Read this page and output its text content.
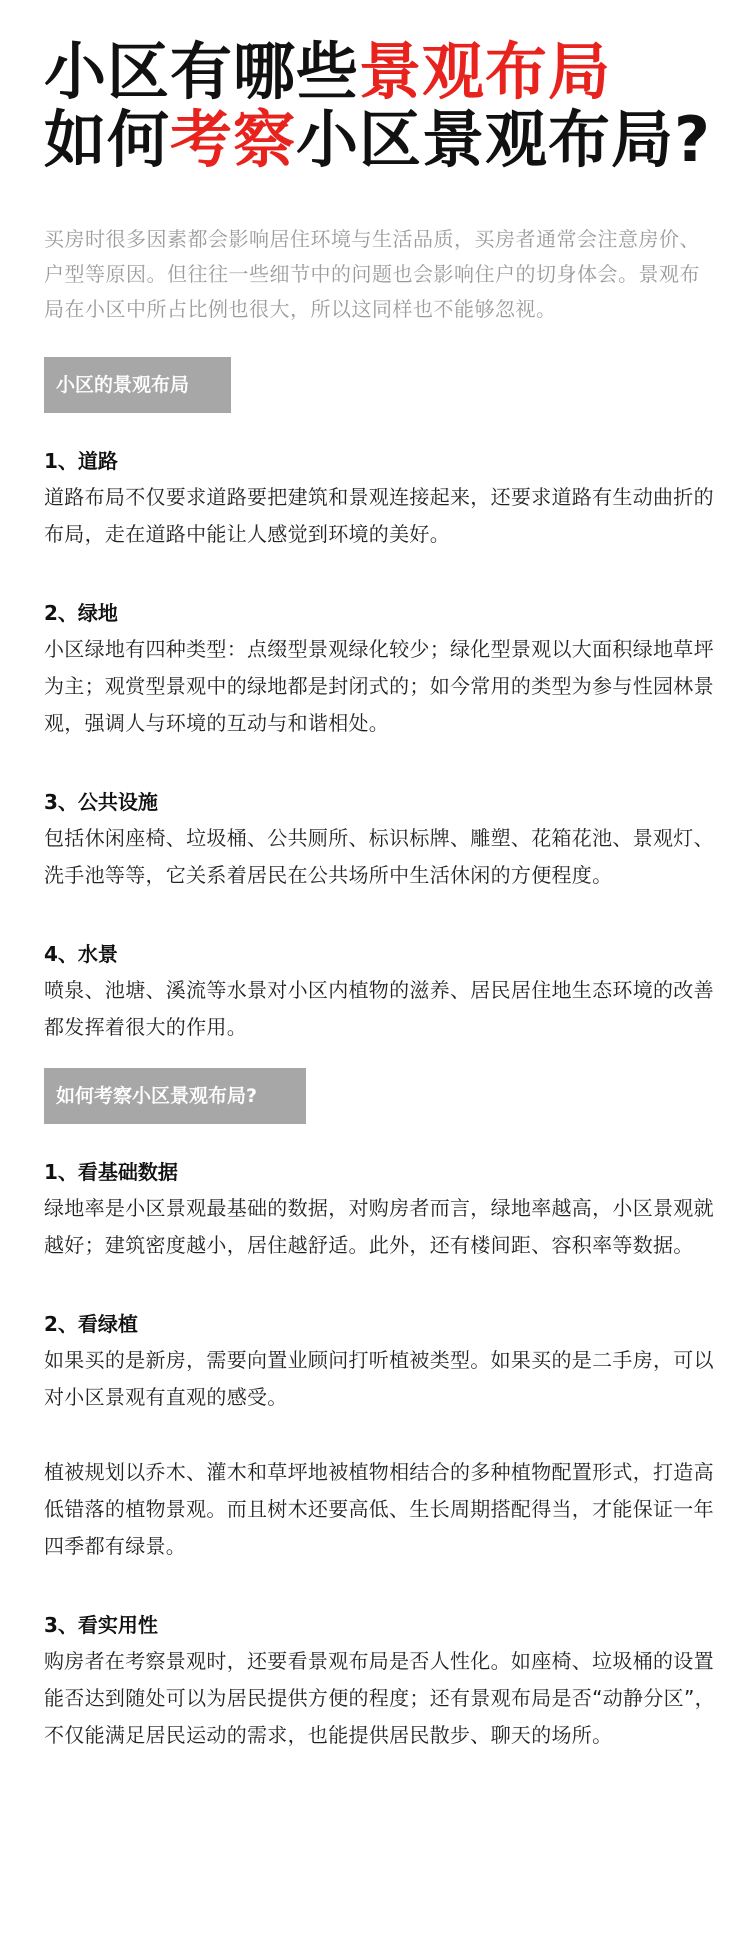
小区有哪些景观布局
如何考察小区景观布局?

买房时很多因素都会影响居住环境与生活品质，买房者通常会注意房价、户型等原因。但往往一些细节中的问题也会影响住户的切身体会。景观布局在小区中所占比例也很大，所以这同样也不能够忽视。

小区的景观布局
1、道路

道路布局不仅要求道路要把建筑和景观连接起来，还要求道路有生动曲折的布局，走在道路中能让人感觉到环境的美好。

2、绿地

小区绿地有四种类型：点缀型景观绿化较少；绿化型景观以大面积绿地草坪为主；观赏型景观中的绿地都是封闭式的；如今常用的类型为参与性园林景观，强调人与环境的互动与和谐相处。

3、公共设施

包括休闲座椅、垃圾桶、公共厕所、标识标牌、雕塑、花箱花池、景观灯、洗手池等等，它关系着居民在公共场所中生活休闲的方便程度。

4、水景

喷泉、池塘、溪流等水景对小区内植物的滋养、居民居住地生态环境的改善都发挥着很大的作用。

如何考察小区景观布局?
1、看基础数据

绿地率是小区景观最基础的数据，对购房者而言，绿地率越高，小区景观就越好；建筑密度越小，居住越舒适。此外，还有楼间距、容积率等数据。

2、看绿植

如果买的是新房，需要向置业顾问打听植被类型。如果买的是二手房，可以对小区景观有直观的感受。

植被规划以乔木、灌木和草坪地被植物相结合的多种植物配置形式，打造高低错落的植物景观。而且树木还要高低、生长周期搭配得当，才能保证一年四季都有绿景。

3、看实用性

购房者在考察景观时，还要看景观布局是否人性化。如座椅、垃圾桶的设置能否达到随处可以为居民提供方便的程度；还有景观布局是否“动静分区”，不仅能满足居民运动的需求，也能提供居民散步、聊天的场所。
